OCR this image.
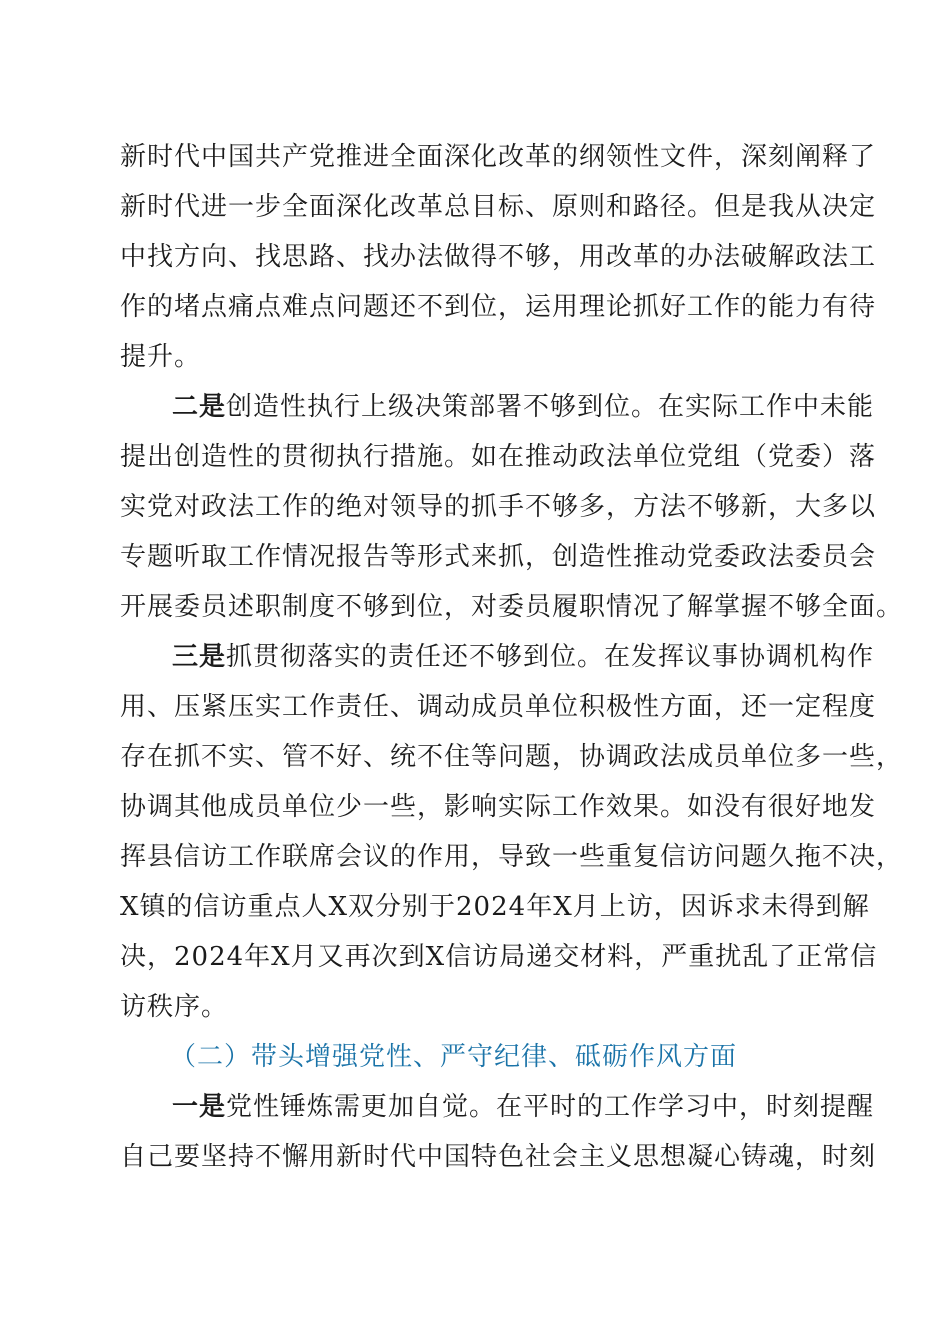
新时代中国共产党推进全面深化改革的纲领性文件，深刻阐释了
新时代进一步全面深化改革总目标、原则和路径。但是我从决定
中找方向、找思路、找办法做得不够，用改革的办法破解政法工
作的堵点痛点难点问题还不到位，运用理论抓好工作的能力有待
提升。
二是创造性执行上级决策部署不够到位。在实际工作中未能
提出创造性的贯彻执行措施。如在推动政法单位党组（党委）落
实党对政法工作的绝对领导的抓手不够多，方法不够新，大多以
专题听取工作情况报告等形式来抓，创造性推动党委政法委员会
开展委员述职制度不够到位，对委员履职情况了解掌握不够全面。
三是抓贯彻落实的责任还不够到位。在发挥议事协调机构作
用、压紧压实工作责任、调动成员单位积极性方面，还一定程度
存在抓不实、管不好、统不住等问题，协调政法成员单位多一些，
协调其他成员单位少一些，影响实际工作效果。如没有很好地发
挥县信访工作联席会议的作用，导致一些重复信访问题久拖不决，
X镇的信访重点人X双分别于2024年X月上访，因诉求未得到解
决，2024年X月又再次到X信访局递交材料，严重扰乱了正常信
访秩序。
一是党性锤炼需更加自觉。在平时的工作学习中，时刻提醒
自己要坚持不懈用新时代中国特色社会主义思想凝心铸魂，时刻
（二）带头增强党性、严守纪律、砥砺作风方面
